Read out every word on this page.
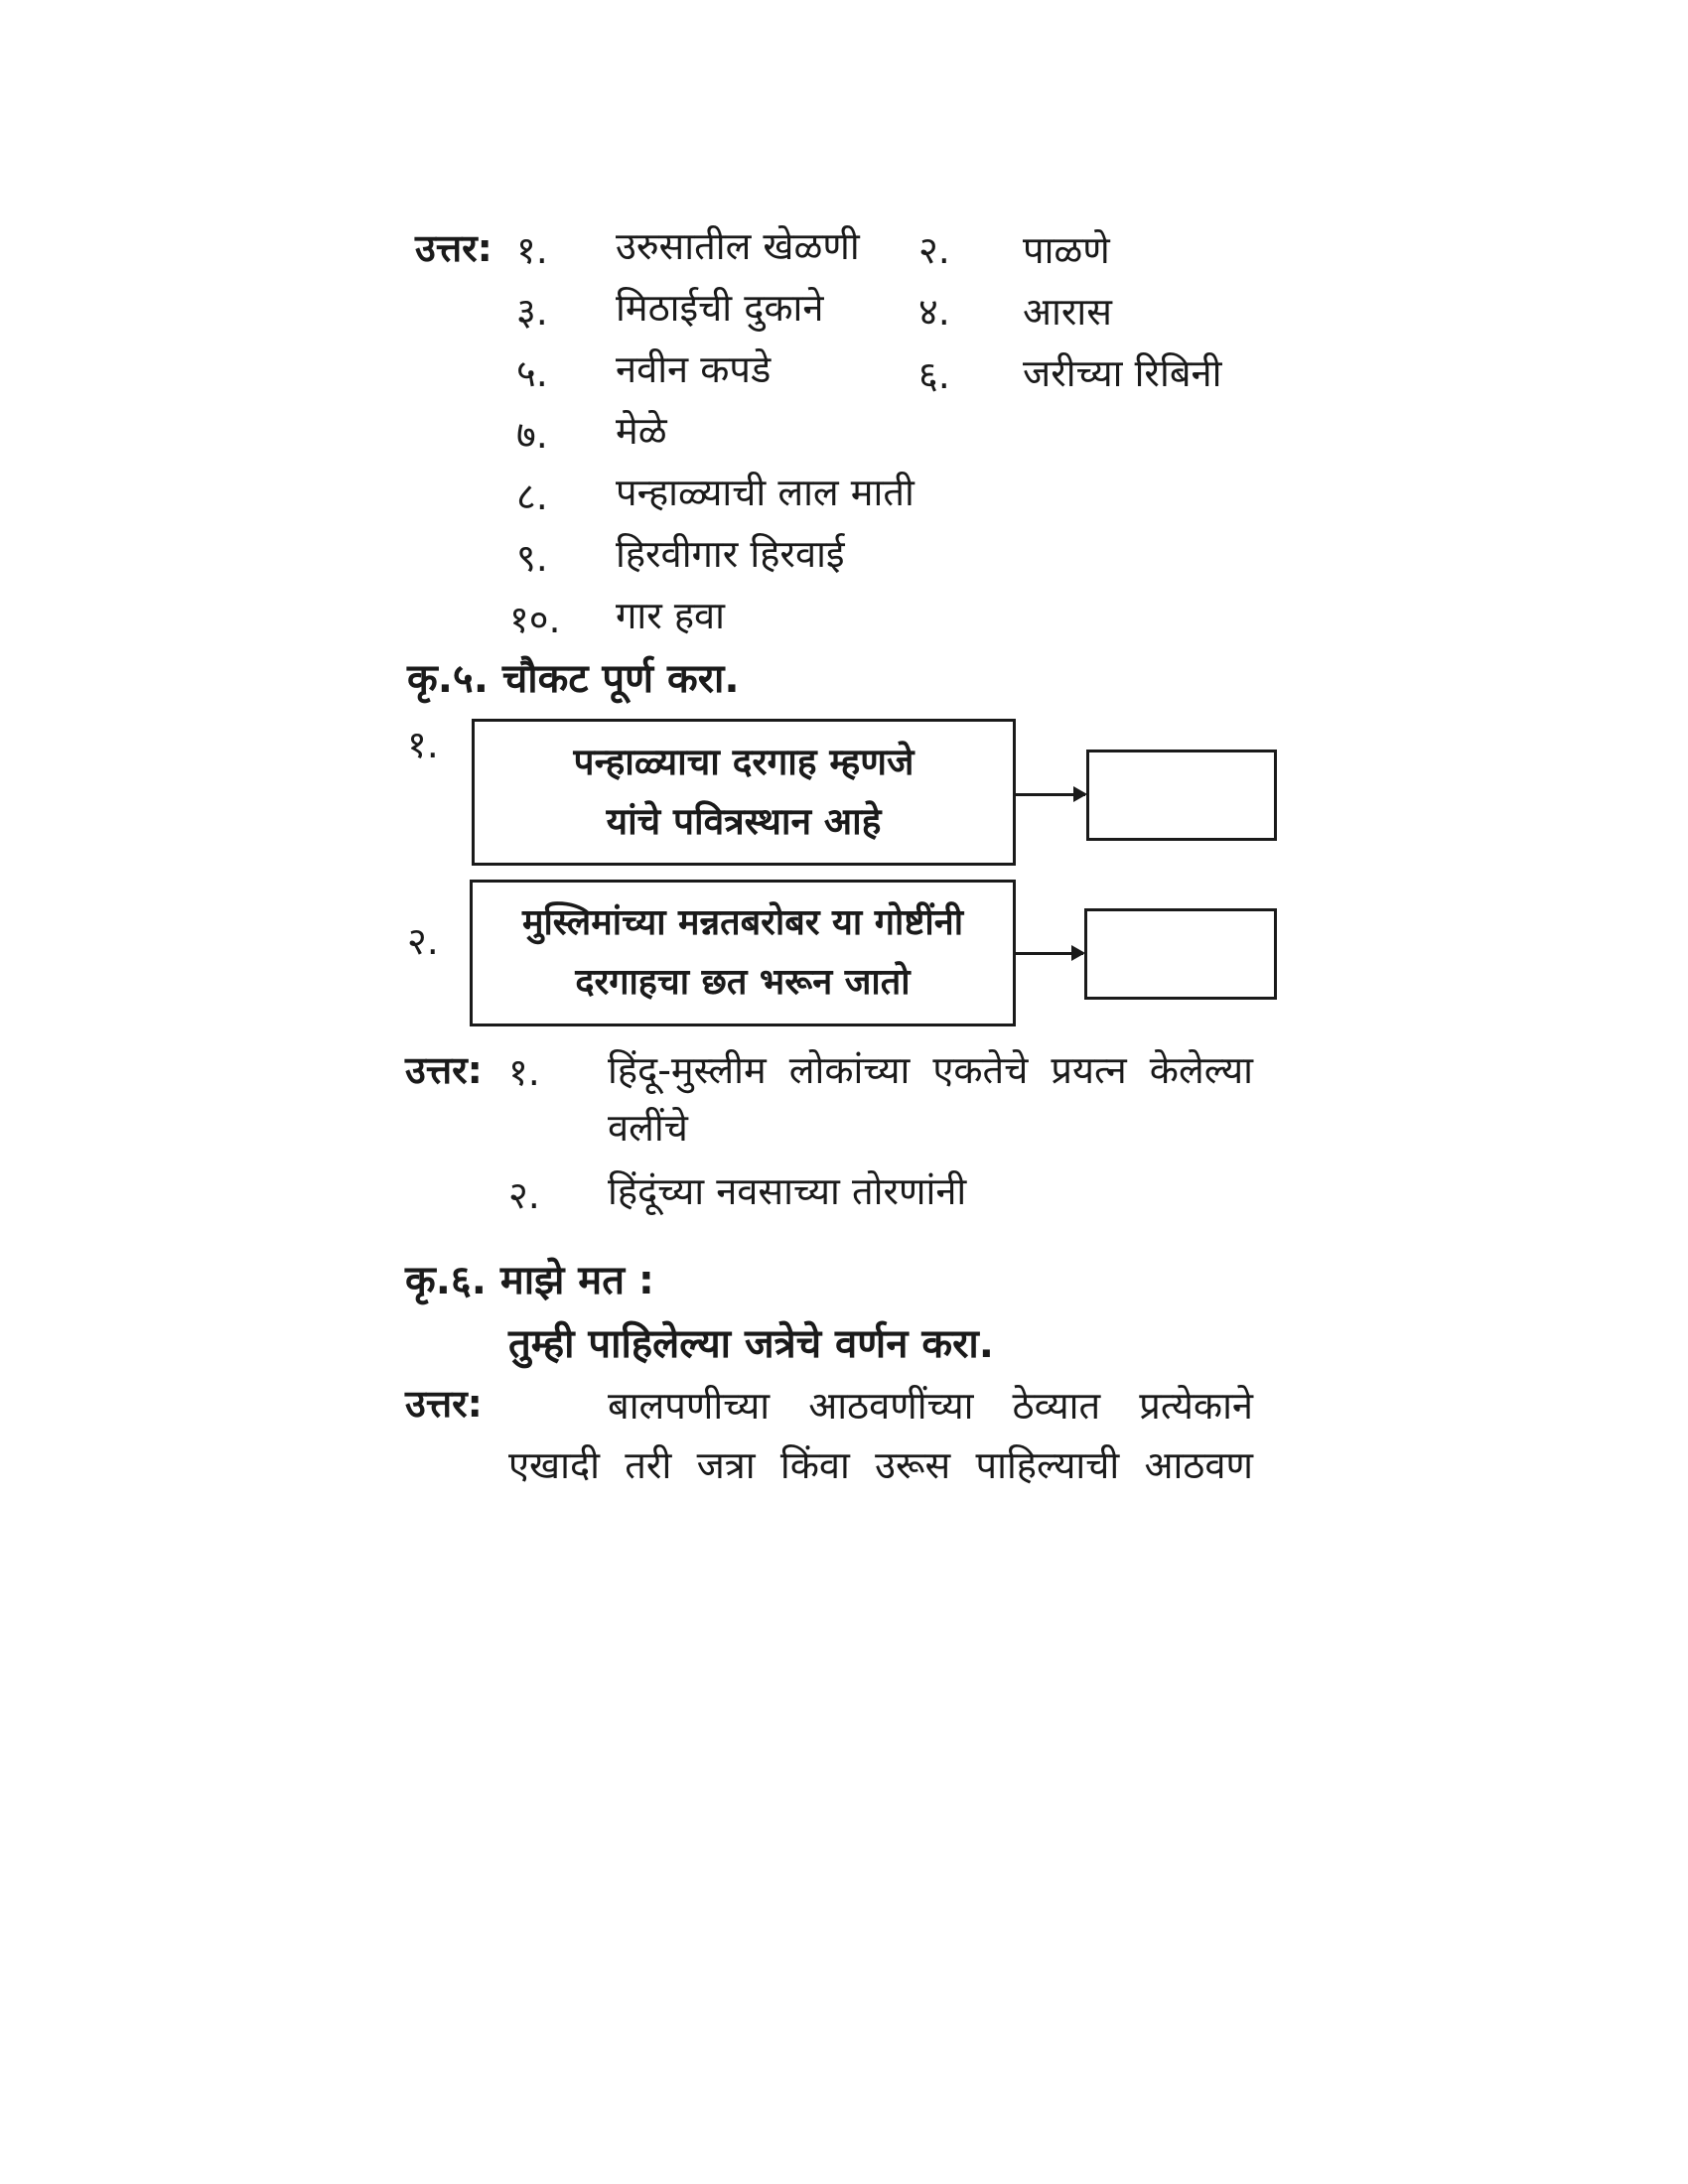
उत्तर: १. उरुसातील खेळणी २. पाळणे
३. मिठाईची दुकाने	४. आरास
५. नवीन कपडे	६. जरीच्या रिबिनी
७. मेळे
८. पन्हाळ्याची लाल माती
९. हिरवीगार हिरवाई
१०. गार हवा
कृ.५. चौकट पूर्ण करा.
१.	पन्हाळ्याचा दरगाह म्हणजे
यांचे पवित्रस्थान आहे
२. मुस्लिमांच्या मन्नतबरोबर या गोष्टींनी
दरगाहचा छत भरून जातो
उत्तर: १. हिंदू-मुस्लीम लोकांच्या एकतेचे प्रयत्न केलेल्या
वलींचे
२. हिंदूंच्या नवसाच्या तोरणांनी
कृ.६. माझे मत :
तुम्ही पाहिलेल्या जत्रेचे वर्णन करा.
उत्तर:	बालपणीच्या आठवणींच्या ठेव्यात प्रत्येकाने
एखादी तरी जत्रा किंवा उरूस पाहिल्याची आठवण
